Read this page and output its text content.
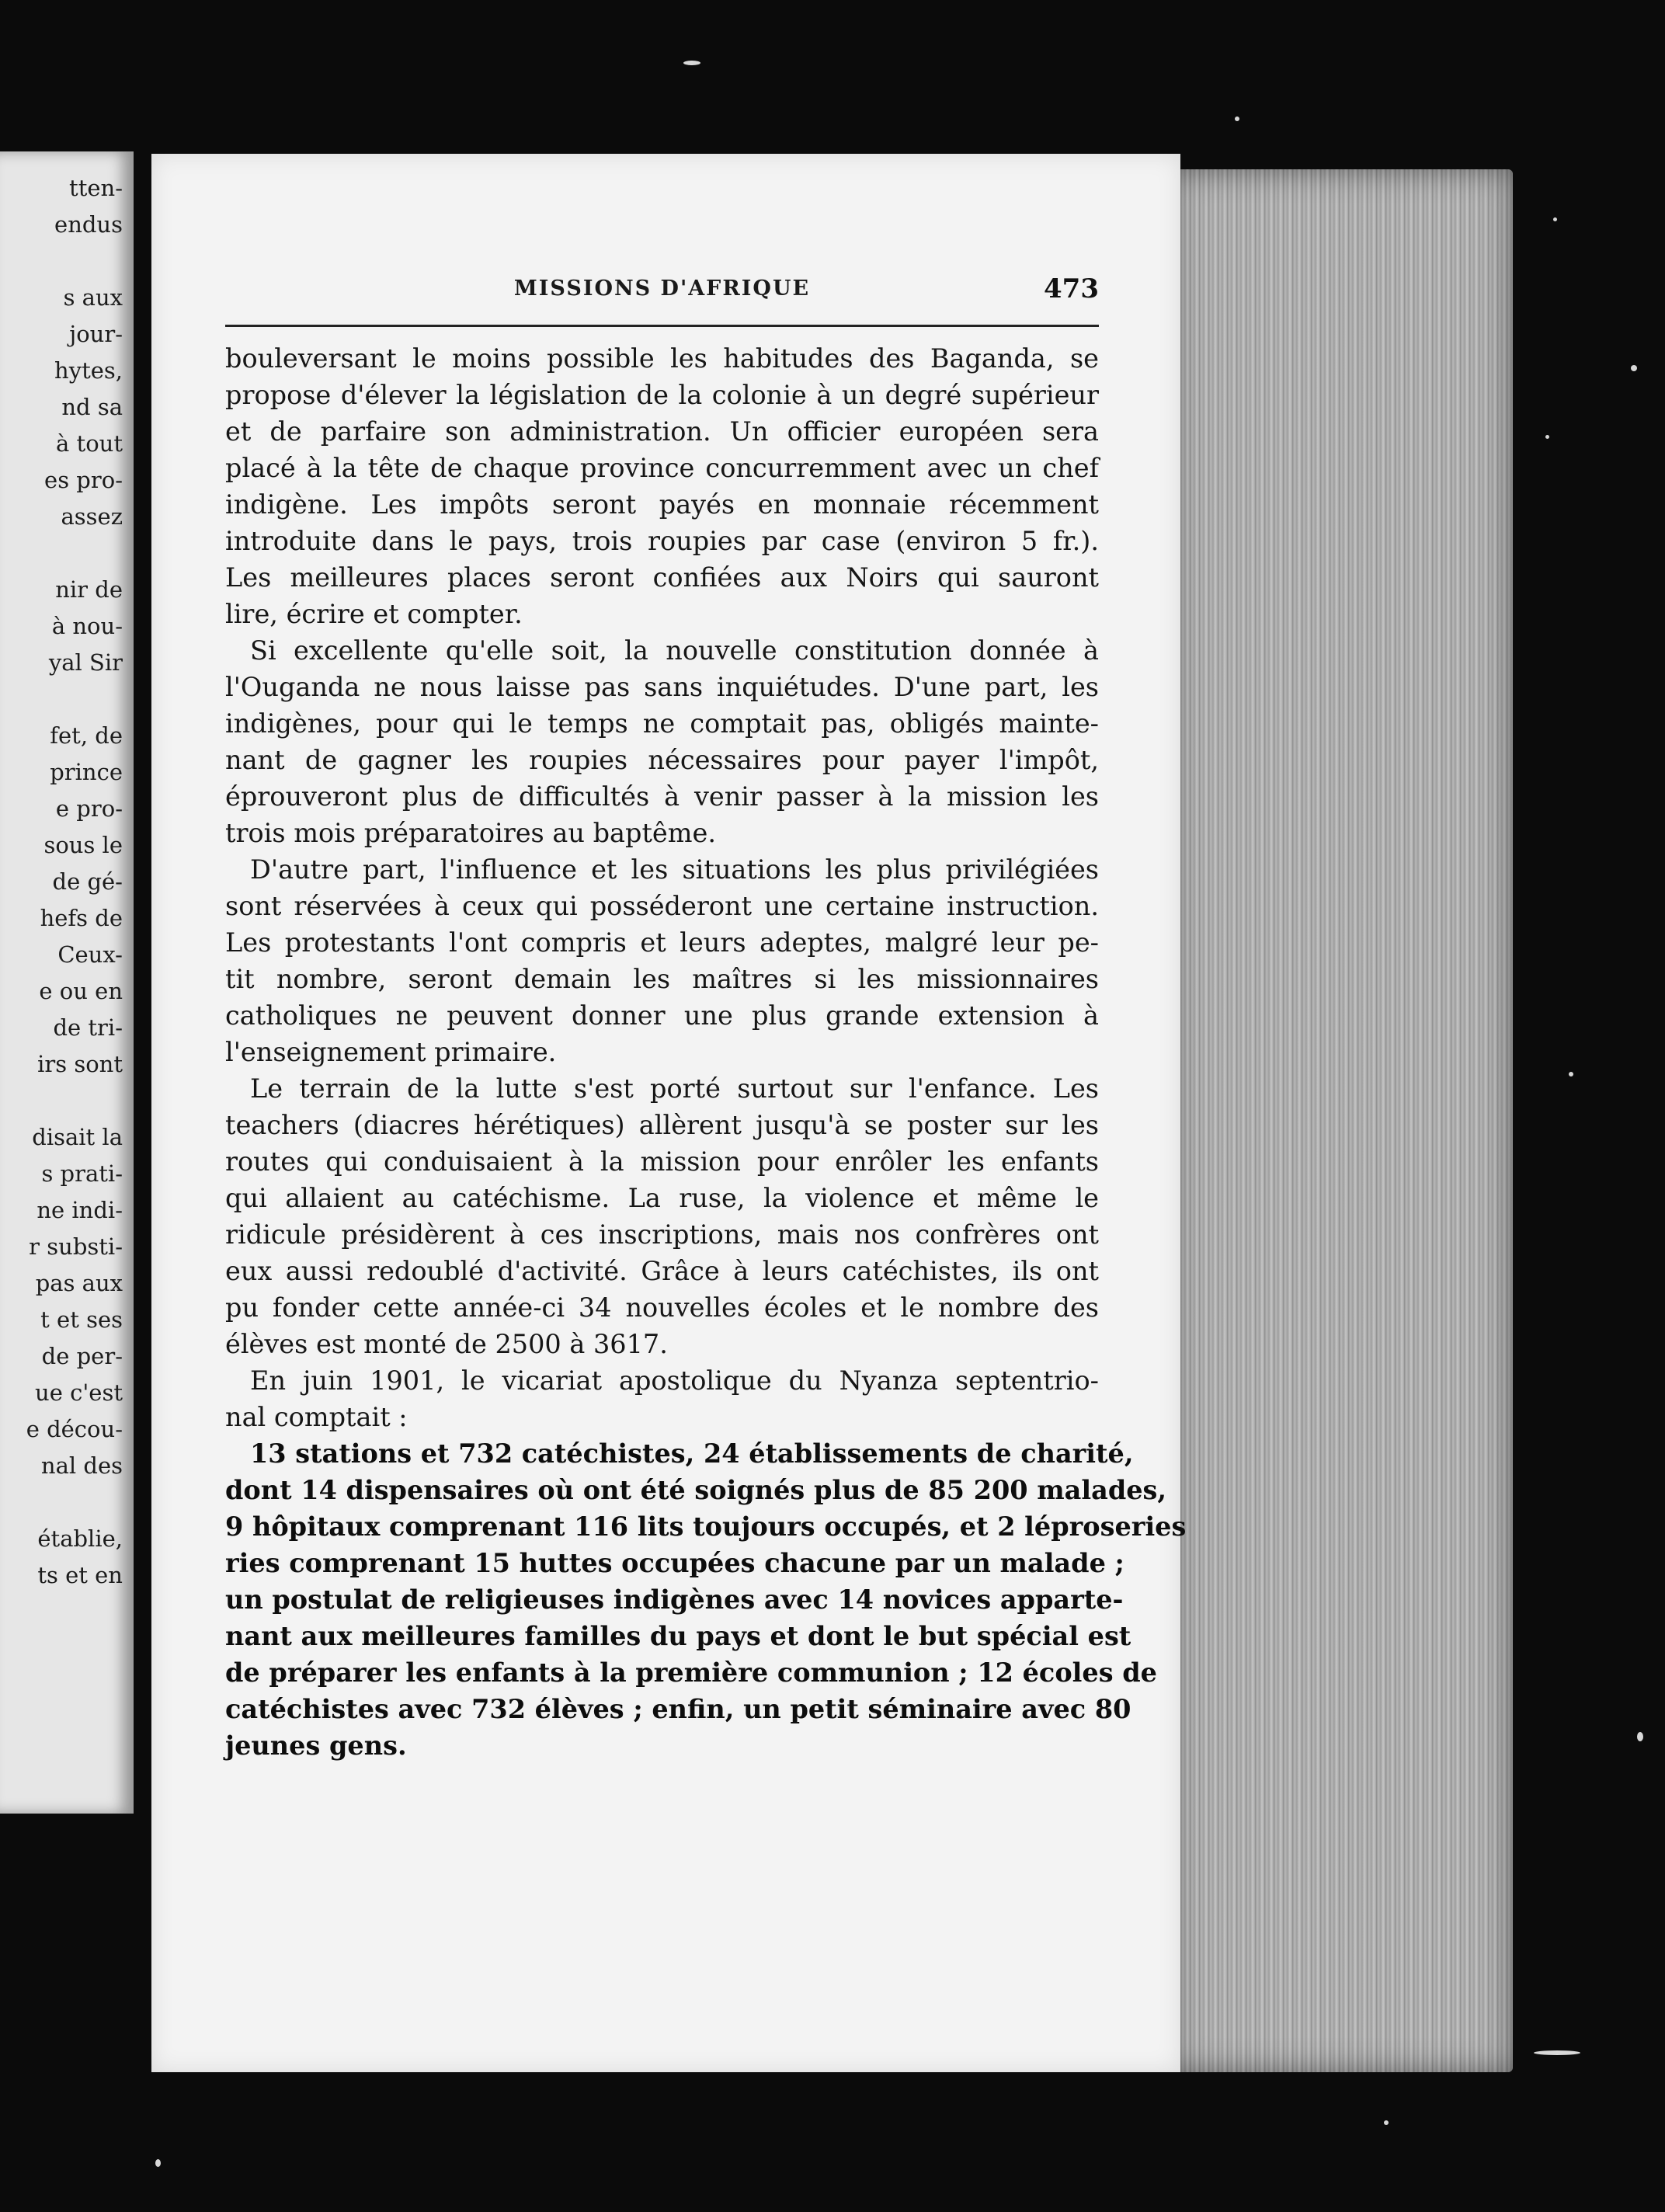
tten-
endus
s aux
jour-
hytes,
nd sa
à tout
es pro-
assez
nir de
à nou-
yal Sir
fet, de
prince
e pro-
sous le
de gé-
hefs de
Ceux-
e ou en
de tri-
irs sont
disait la
s prati-
ne indi-
r substi-
pas aux
t et ses
de per-
ue c'est
e décou-
nal des
établie,
ts et en
MISSIONS D'AFRIQUE	473
bouleversant le moins possible les habitudes des Baganda, se
propose d'élever la législation de la colonie à un degré supérieur
et de parfaire son administration. Un officier européen sera
placé à la tête de chaque province concurremment avec un chef
indigène. Les impôts seront payés en monnaie récemment
introduite dans le pays, trois roupies par case (environ 5 fr.).
Les meilleures places seront confiées aux Noirs qui sauront
lire, écrire et compter.
Si excellente qu'elle soit, la nouvelle constitution donnée à
l'Ouganda ne nous laisse pas sans inquiétudes. D'une part, les
indigènes, pour qui le temps ne comptait pas, obligés mainte-
nant de gagner les roupies nécessaires pour payer l'impôt,
éprouveront plus de difficultés à venir passer à la mission les
trois mois préparatoires au baptême.
D'autre part, l'influence et les situations les plus privilégiées
sont réservées à ceux qui posséderont une certaine instruction.
Les protestants l'ont compris et leurs adeptes, malgré leur pe-
tit nombre, seront demain les maîtres si les missionnaires
catholiques ne peuvent donner une plus grande extension à
l'enseignement primaire.
Le terrain de la lutte s'est porté surtout sur l'enfance. Les
teachers (diacres hérétiques) allèrent jusqu'à se poster sur les
routes qui conduisaient à la mission pour enrôler les enfants
qui allaient au catéchisme. La ruse, la violence et même le
ridicule présidèrent à ces inscriptions, mais nos confrères ont
eux aussi redoublé d'activité. Grâce à leurs catéchistes, ils ont
pu fonder cette année-ci 34 nouvelles écoles et le nombre des
élèves est monté de 2500 à 3617.
En juin 1901, le vicariat apostolique du Nyanza septentrio-
nal comptait :
13 stations et 732 catéchistes, 24 établissements de charité,
dont 14 dispensaires où ont été soignés plus de 85 200 malades,
9 hôpitaux comprenant 116 lits toujours occupés, et 2 léproseries
ries comprenant 15 huttes occupées chacune par un malade ;
un postulat de religieuses indigènes avec 14 novices apparte-
nant aux meilleures familles du pays et dont le but spécial est
de préparer les enfants à la première communion ; 12 écoles de
catéchistes avec 732 élèves ; enfin, un petit séminaire avec 80
jeunes gens.
